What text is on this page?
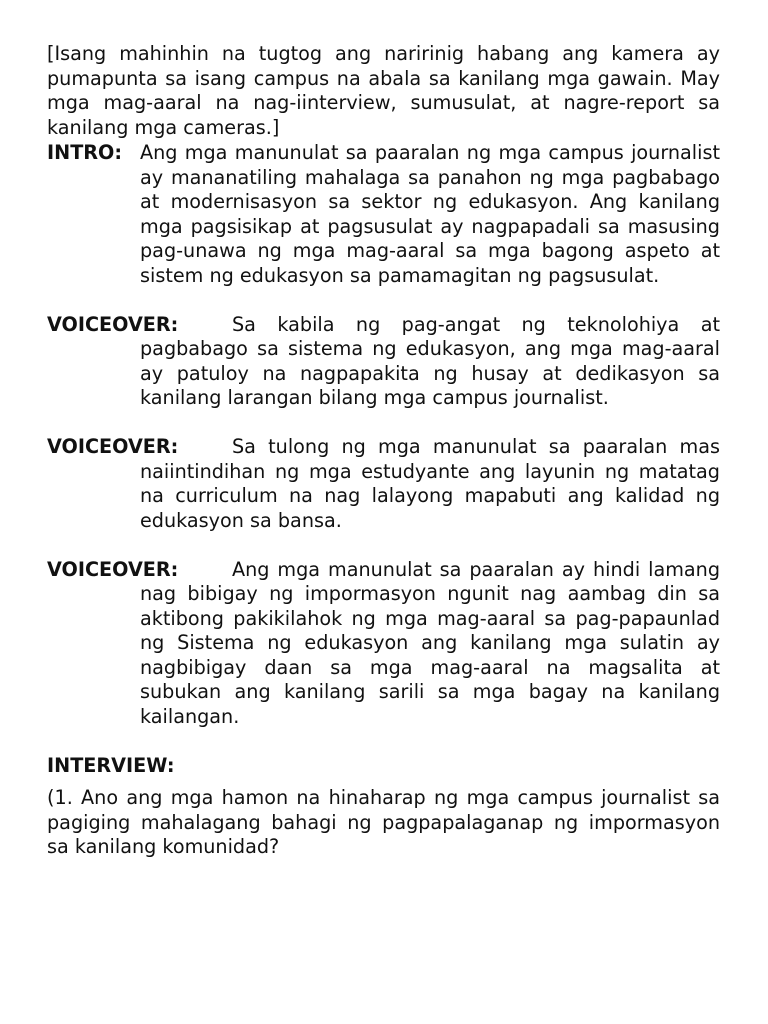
[Isang mahinhin na tugtog ang naririnig habang ang kamera ay pumapunta sa isang campus na abala sa kanilang mga gawain. May mga mag-aaral na nag-iinterview, sumusulat, at nagre-report sa kanilang mga cameras.]

INTRO: Ang mga manunulat sa paaralan ng mga campus journalist ay mananatiling mahalaga sa panahon ng mga pagbabago at modernisasyon sa sektor ng edukasyon. Ang kanilang mga pagsisikap at pagsusulat ay nagpapadali sa masusing pag-unawa ng mga mag-aaral sa mga bagong aspeto at sistem ng edukasyon sa pamamagitan ng pagsusulat.
VOICEOVER:	Sa kabila ng pag-angat ng teknolohiya at pagbabago sa sistema ng edukasyon, ang mga mag-aaral ay patuloy na nagpapakita ng husay at dedikasyon sa kanilang larangan bilang mga campus journalist.
VOICEOVER:	Sa tulong ng mga manunulat sa paaralan mas naiintindihan ng mga estudyante ang layunin ng matatag na curriculum na nag lalayong mapabuti ang kalidad ng edukasyon sa bansa.
VOICEOVER:	Ang mga manunulat sa paaralan ay hindi lamang nag bibigay ng impormasyon ngunit nag aambag din sa aktibong pakikilahok ng mga mag-aaral sa pag-papaunlad ng Sistema ng edukasyon ang kanilang mga sulatin ay nagbibigay daan sa mga mag-aaral na magsalita at subukan ang kanilang sarili sa mga bagay na kanilang kailangan.

INTERVIEW:

(1. Ano ang mga hamon na hinaharap ng mga campus journalist sa pagiging mahalagang bahagi ng pagpapalaganap ng impormasyon sa kanilang komunidad?
